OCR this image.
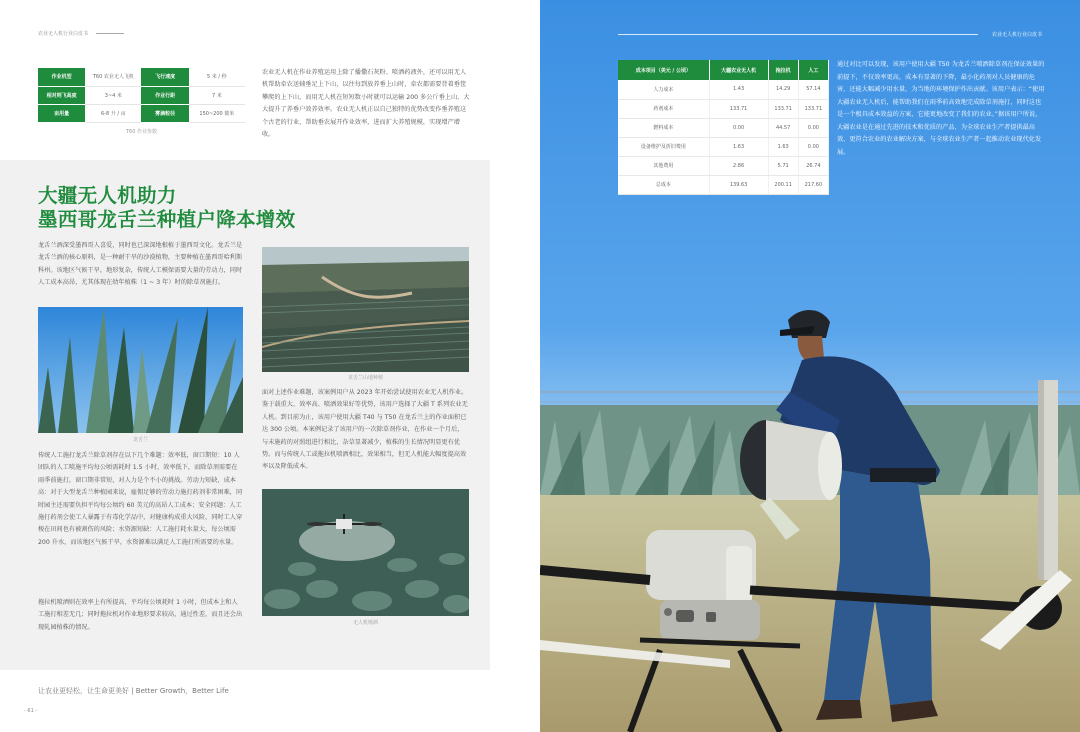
农业无人机行业白皮书
作业机型	T60 农业无人飞机	飞行速度	5 米 / 秒
相对则飞高度	3~4 米	作业行距	7 米
亩用量	6-8 升 / 亩	雾滴粒径	150~200 微米
T60 作业参数

农业无人机在作业养殖运用上除了播撒石灰粉、喷洒药液外，还可以用无人机帮助牵农送辅垂足上下山，以往每到放养垂上山时，牵农都需要背着垂筐攀爬的上下山，而用无人机在短短数小时就可以运输 200 多公斤垂上山，大大提升了养垂户效养效率。农业无人机正以自己独特的优势改变作垂养殖这个古老的行业，帮助垂农展开作业效率，进而扩大养殖规模，实现增产增收。

大疆无人机助力
墨西哥龙舌兰种植户降本增效

龙舌兰酒深受墨西哥人喜爱，同时也已深深地根植于墨西哥文化。龙舌兰是龙舌兰酒的核心原料，是一种耐干旱的沙漠植物，主要种植在墨西哥哈利斯科州。该地区气候干旱，地形复杂，传统人工模保需要大量的劳动力，同时人工成本高昂，尤其体现在幼年植株（1 ~ 3 年）时的除草剂施打。

龙舌兰
龙舌兰山地种植

面对上述作业难题，该案例用户从 2023 年开始尝试使用农业无人机作业。鉴于载重大、效率高、喷洒效果好等优势，该用户选择了大疆 T 系列农业无人机。到目前为止，该用户使用大疆 T40 与 T50 在龙舌兰上的作业面积已达 300 公顷。本案例记录了该用户的一次除草剂作业，在作业一个月后，与未施药的对照组进行相比，杂草显著减少，植株的生长情况明显更有优势。而与传统人工或拖拉机喷洒相比，效果相当，但无人机能大幅度提高效率以及降低成本。

无人机喷洒

传统人工施打龙舌兰除草剂存在以下几个难题：效率低，窗口期短：10 人团队的人工喷施平均每公顷需耗时 1.5 小时，效率低下，而除草剂需要在雨季前施打，窗口期非常短，对人力是个不小的挑战。劳动力短缺，成本高：对于大型龙舌兰种植园来说，雇佣足够的劳动力施打药剂非常困难，同时园主还需要负担平均每公顷约 60 美元的高昂人工成本；安全问题：人工施打药剂会使工人暴露于有毒化学品中，对健康构成重大风险，同时工人穿梭在田间也有被割伤的风险；水资源短缺：人工施打耗水量大，每公顷需 200 升水，而该地区气候干旱，水资源难以满足人工施打所需要的水量。

拖拉机喷洒则在效率上有所提高，平均每公顷耗时 1 小时，但成本上和人工施打相差无几；同时拖拉机对作业地形要求较高，通过性差，而且还会出现轧园植株的情况。

让农业更轻松，让生命更美好 | Better Growth，Better Life
- 61 -
农业无人机行业白皮书
成本项目（美元 / 公顷）	大疆农业无人机	拖拉机	人工
人力成本	1.43	14.29	57.14
药剂成本	133.71	133.71	133.71
燃料成本	0.00	44.57	0.00
设备维护及折旧费用	1.63	1.63	0.00
其他费用	2.86	5.71	26.74
总成本	139.63	200.11	217.60

通过对比可以发现，该用户使用大疆 T50 为龙舌兰喷洒除草剂在保证效果的前提下，不仅效率更高，成本有显著的下降，最小化药剂对人员健康的危害，还能大幅减少用水量，为当地的环境保护作出贡献。该用户表示：“使用大疆农业无人机后，能帮助我们在雨季前高效地完成除草剂施打，同时这也是一个极具成本效益的方案，它能更地改变了我们的农业。”据该用户所说，大疆农业是在通过先进的技术和优质的产品，为全球农业生产者提供最高效、更符合农业的农业解决方案，与全球农业生产者一起推动农业现代化发展。
